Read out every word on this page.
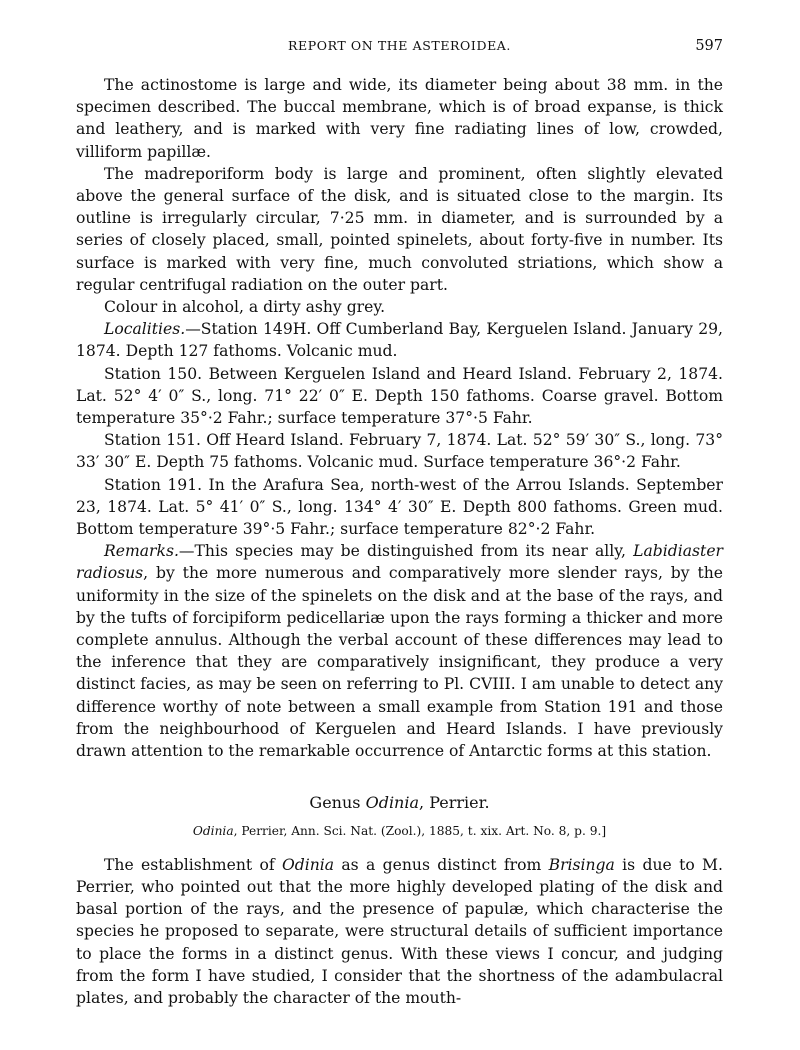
REPORT ON THE ASTEROIDEA.	597

The actinostome is large and wide, its diameter being about 38 mm. in the specimen described. The buccal membrane, which is of broad expanse, is thick and leathery, and is marked with very fine radiating lines of low, crowded, villiform papillæ.

The madreporiform body is large and prominent, often slightly elevated above the general surface of the disk, and is situated close to the margin. Its outline is irregularly circular, 7·25 mm. in diameter, and is surrounded by a series of closely placed, small, pointed spinelets, about forty-five in number. Its surface is marked with very fine, much convoluted striations, which show a regular centrifugal radiation on the outer part.

Colour in alcohol, a dirty ashy grey.

Localities.—Station 149H. Off Cumberland Bay, Kerguelen Island. January 29, 1874. Depth 127 fathoms. Volcanic mud.

Station 150. Between Kerguelen Island and Heard Island. February 2, 1874. Lat. 52° 4′ 0″ S., long. 71° 22′ 0″ E. Depth 150 fathoms. Coarse gravel. Bottom temperature 35°·2 Fahr.; surface temperature 37°·5 Fahr.

Station 151. Off Heard Island. February 7, 1874. Lat. 52° 59′ 30″ S., long. 73° 33′ 30″ E. Depth 75 fathoms. Volcanic mud. Surface temperature 36°·2 Fahr.

Station 191. In the Arafura Sea, north-west of the Arrou Islands. September 23, 1874. Lat. 5° 41′ 0″ S., long. 134° 4′ 30″ E. Depth 800 fathoms. Green mud. Bottom temperature 39°·5 Fahr.; surface temperature 82°·2 Fahr.

Remarks.—This species may be distinguished from its near ally, Labidiaster radiosus, by the more numerous and comparatively more slender rays, by the uniformity in the size of the spinelets on the disk and at the base of the rays, and by the tufts of forcipiform pedicellariæ upon the rays forming a thicker and more complete annulus. Although the verbal account of these differences may lead to the inference that they are comparatively insignificant, they produce a very distinct facies, as may be seen on referring to Pl. CVIII. I am unable to detect any difference worthy of note between a small example from Station 191 and those from the neighbourhood of Kerguelen and Heard Islands. I have previously drawn attention to the remarkable occurrence of Antarctic forms at this station.

Genus Odinia, Perrier.

Odinia, Perrier, Ann. Sci. Nat. (Zool.), 1885, t. xix. Art. No. 8, p. 9.]

The establishment of Odinia as a genus distinct from Brisinga is due to M. Perrier, who pointed out that the more highly developed plating of the disk and basal portion of the rays, and the presence of papulæ, which characterise the species he proposed to separate, were structural details of sufficient importance to place the forms in a distinct genus. With these views I concur, and judging from the form I have studied, I consider that the shortness of the adambulacral plates, and probably the character of the mouth-
